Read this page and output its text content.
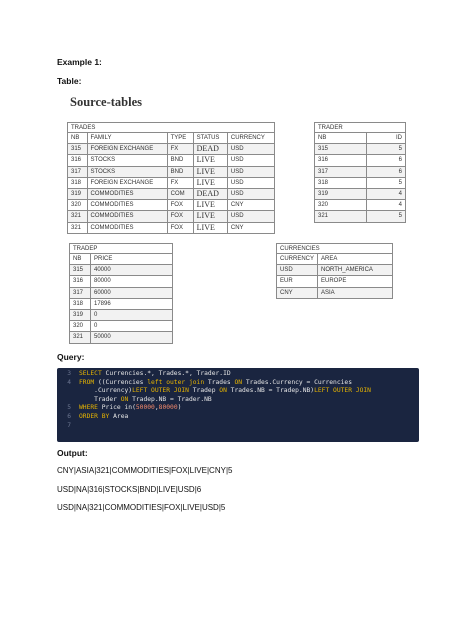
Example 1:
Table:
Source-tables
TRADES
NB	FAMILY	TYPE	STATUS	CURRENCY
315	FOREIGN EXCHANGE	FX	DEAD	USD
316	STOCKS	BND	LIVE	USD
317	STOCKS	BND	LIVE	USD
318	FOREIGN EXCHANGE	FX	LIVE	USD
319	COMMODITIES	COM	DEAD	USD
320	COMMODITIES	FOX	LIVE	CNY
321	COMMODITIES	FOX	LIVE	USD
321	COMMODITIES	FOX	LIVE	CNY
TRADER
NB	ID
315	5
316	6
317	6
318	5
319	4
320	4
321	5
TRADEP
NB	PRICE
315	40000
316	80000
317	60000
318	17896
319	0
320	0
321	50000
CURRENCIES
CURRENCY	AREA
USD	NORTH_AMERICA
EUR	EUROPE
CNY	ASIA
Query:
3 SELECT Currencies.*, Trades.*, Trader.ID
4 FROM ((Currencies left outer join Trades ON Trades.Currency = Currencies
.Currency)LEFT OUTER JOIN Tradep ON Trades.NB = Tradep.NB)LEFT OUTER JOIN
Trader ON Tradep.NB = Trader.NB
5 WHERE Price in(50000,80000)
6 ORDER BY Area
7
Output:
CNY|ASIA|321|COMMODITIES|FOX|LIVE|CNY|5
USD|NA|316|STOCKS|BND|LIVE|USD|6
USD|NA|321|COMMODITIES|FOX|LIVE|USD|5
